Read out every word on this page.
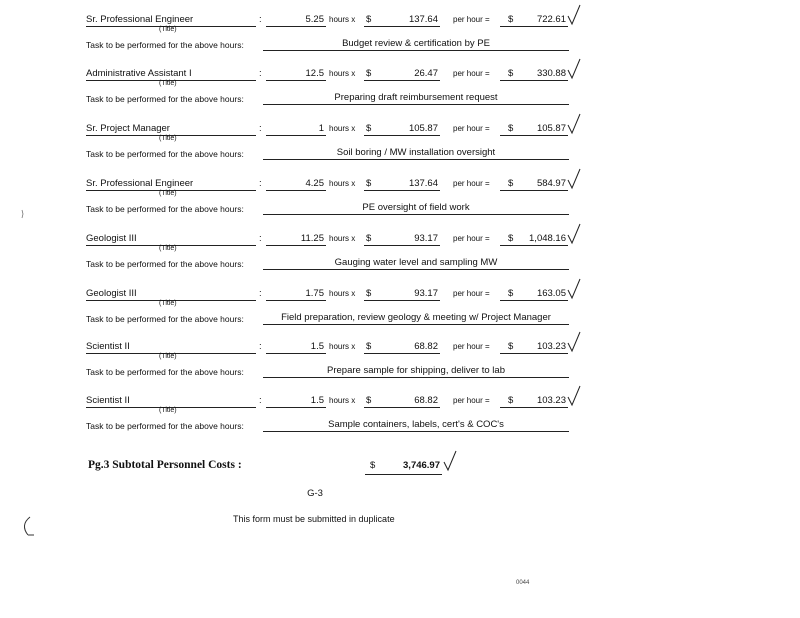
Sr. Professional Engineer
(Title)
:	5.25 hours x $	137.64 per hour = $	722.61
Task to be performed for the above hours:	Budget review & certification by PE
Administrative Assistant I
(Title)
:	12.5 hours x $	26.47 per hour = $	330.88
Task to be performed for the above hours:	Preparing draft reimbursement request
Sr. Project Manager
(Title)
:	1 hours x $	105.87 per hour = $	105.87
Task to be performed for the above hours:	Soil boring / MW installation oversight
Sr. Professional Engineer
(Title)
:	4.25 hours x $	137.64 per hour = $	584.97
Task to be performed for the above hours:	PE oversight of field work
Geologist III
(Title)
:	11.25 hours x $	93.17 per hour = $	1,048.16
Task to be performed for the above hours:	Gauging water level and sampling MW
Geologist III
(Title)
:	1.75 hours x $	93.17 per hour = $	163.05
Task to be performed for the above hours:	Field preparation, review geology & meeting w/ Project Manager
Scientist II
(Title)
:	1.5 hours x $	68.82 per hour = $	103.23
Task to be performed for the above hours:	Prepare sample for shipping, deliver to lab
Scientist II
(Title)
:	1.5 hours x $	68.82 per hour = $	103.23
Task to be performed for the above hours:	Sample containers, labels, cert's & COC's
Pg.3 Subtotal Personnel Costs :	$	3,746.97
G-3
This form must be submitted in duplicate
0044
